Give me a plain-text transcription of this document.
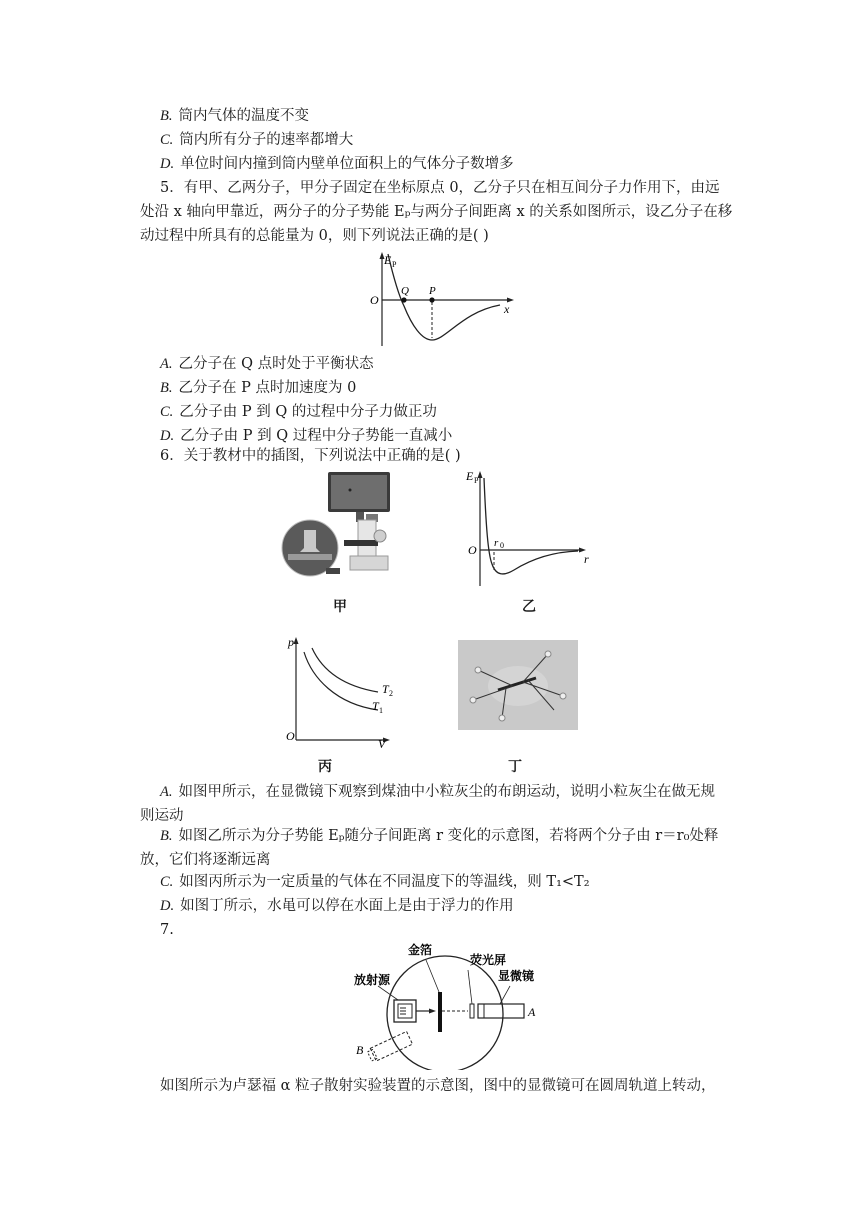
B. 筒内气体的温度不变
C. 筒内所有分子的速率都增大
D. 单位时间内撞到筒内壁单位面积上的气体分子数增多
5．有甲、乙两分子，甲分子固定在坐标原点 0，乙分子只在相互间分子力作用下，由远
处沿 x 轴向甲靠近，两分子的分子势能 Eₚ与两分子间距离 x 的关系如图所示，设乙分子在移
动过程中所具有的总能量为 0，则下列说法正确的是( )
E P
O
Q P
x
A. 乙分子在 Q 点时处于平衡状态
B. 乙分子在 P 点时加速度为 0
C. 乙分子由 P 到 Q 的过程中分子力做正功
D. 乙分子由 P 到 Q 过程中分子势能一直减小
6．关于教材中的插图，下列说法中正确的是( )
甲
E P
O r 0
r
乙
p
O
V
T 2
T 1
丙	丁
A. 如图甲所示，在显微镜下观察到煤油中小粒灰尘的布朗运动，说明小粒灰尘在做无规
则运动
B. 如图乙所示为分子势能 Eₚ随分子间距离 r 变化的示意图，若将两个分子由 r＝r₀处释
放，它们将逐渐远离
C. 如图丙所示为一定质量的气体在不同温度下的等温线，则 T₁<T₂
D. 如图丁所示，水黾可以停在水面上是由于浮力的作用
7.
金箔
荧光屏
放射源	显微镜
A
B
如图所示为卢瑟福 α 粒子散射实验装置的示意图，图中的显微镜可在圆周轨道上转动，
